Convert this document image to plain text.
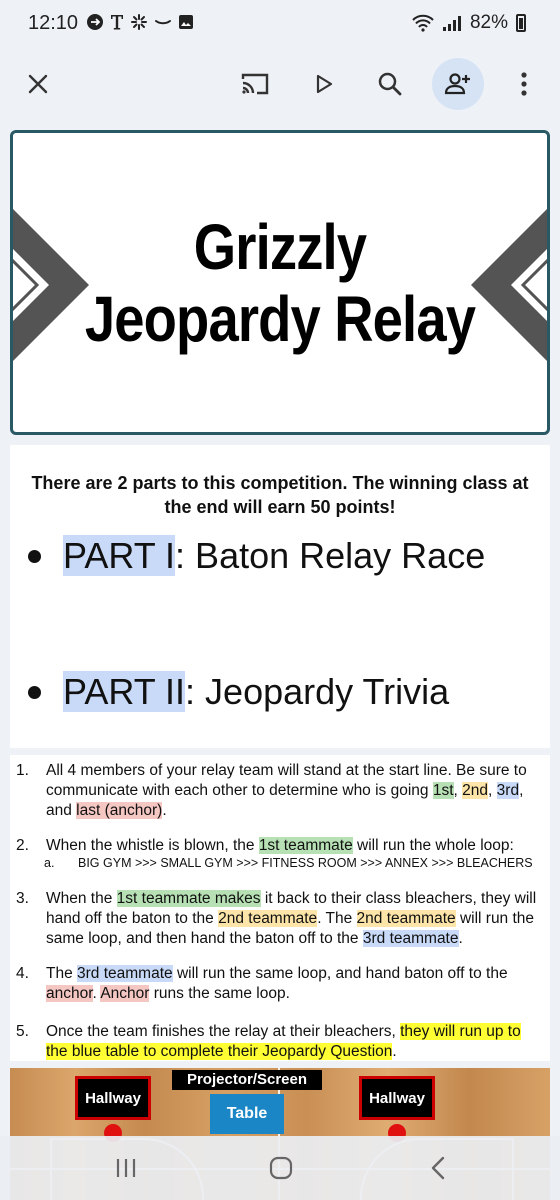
12:10	82%
Grizzly
Jeopardy Relay
There are 2 parts to this competition. The winning class at the end will earn 50 points!
PART I: Baton Relay Race
PART II: Jeopardy Trivia
1.	All 4 members of your relay team will stand at the start line. Be sure to communicate with each other to determine who is going 1st, 2nd, 3rd, and last (anchor).
2.	When the whistle is blown, the 1st teammate will run the whole loop:
a.	BIG GYM >>> SMALL GYM >>> FITNESS ROOM >>> ANNEX >>> BLEACHERS
3.	When the 1st teammate makes it back to their class bleachers, they will hand off the baton to the 2nd teammate. The 2nd teammate will run the same loop, and then hand the baton off to the 3rd teammate.
4.	The 3rd teammate will run the same loop, and hand baton off to the anchor. Anchor runs the same loop.
5.	Once the team finishes the relay at their bleachers, they will run up to the blue table to complete their Jeopardy Question.
Hallway	Hallway
Projector/Screen
Table
